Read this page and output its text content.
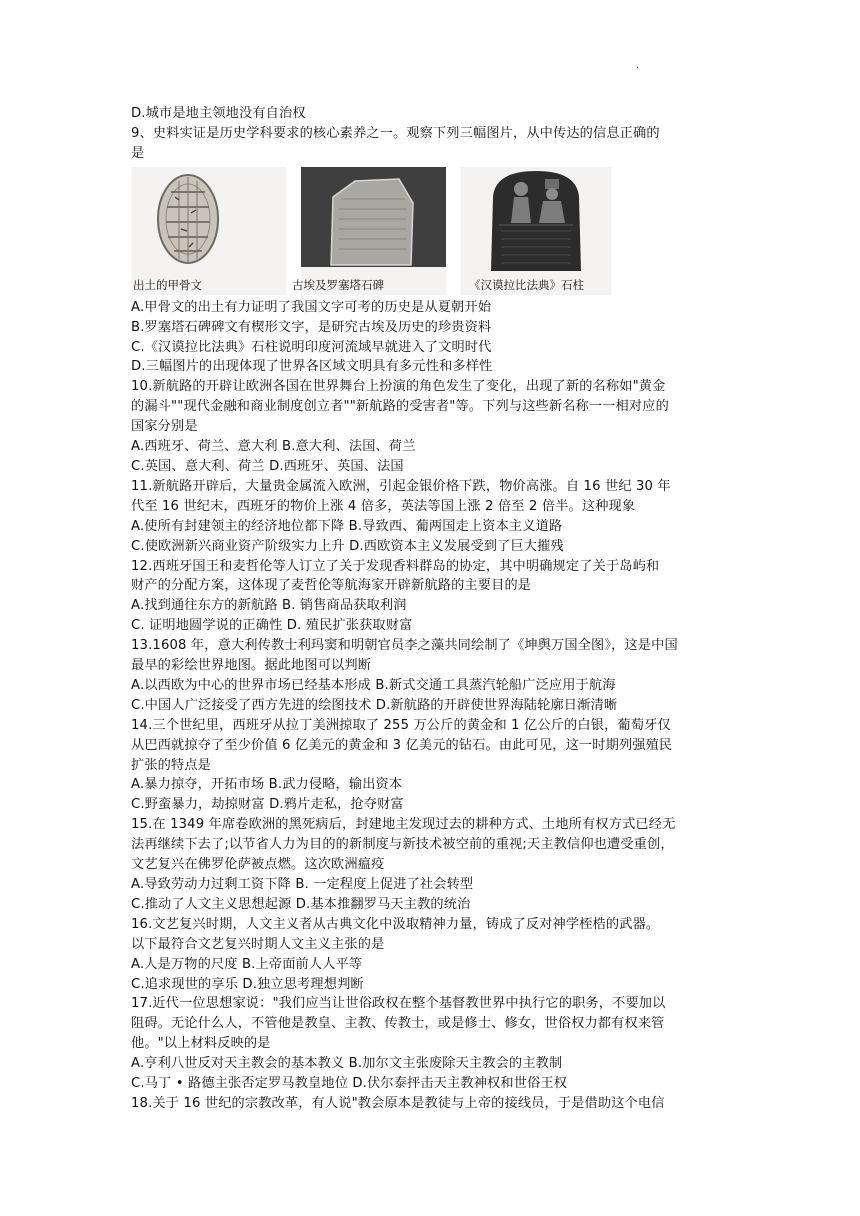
.
D.城市是地主领地没有自治权
9、史料实证是历史学科要求的核心素养之一。观察下列三幅图片，从中传达的信息正确的
是
出土的甲骨文	古埃及罗塞塔石碑	《汉谟拉比法典》石柱
A.甲骨文的出土有力证明了我国文字可考的历史是从夏朝开始
B.罗塞塔石碑碑文有楔形文字，是研究古埃及历史的珍贵资料
C.《汉谟拉比法典》石柱说明印度河流域早就进入了文明时代
D.三幅图片的出现体现了世界各区域文明具有多元性和多样性
10.新航路的开辟让欧洲各国在世界舞台上扮演的角色发生了变化，出现了新的名称如"黄金
的漏斗""现代金融和商业制度创立者""新航路的受害者"等。下列与这些新名称一一相对应的
国家分别是
A.西班牙、荷兰、意大利 B.意大利、法国、荷兰
C.英国、意大利、荷兰 D.西班牙、英国、法国
11.新航路开辟后，大量贵金属流入欧洲，引起金银价格下跌，物价高涨。自 16 世纪 30 年
代至 16 世纪末，西班牙的物价上涨 4 倍多，英法等国上涨 2 倍至 2 倍半。这种现象
A.使所有封建领主的经济地位都下降 B.导致西、葡两国走上资本主义道路
C.使欧洲新兴商业资产阶级实力上升 D.西欧资本主义发展受到了巨大摧残
12.西班牙国王和麦哲伦等人订立了关于发现香料群岛的协定，其中明确规定了关于岛屿和
财产的分配方案，这体现了麦哲伦等航海家开辟新航路的主要目的是
A.找到通往东方的新航路 B. 销售商品获取利润
C. 证明地圆学说的正确性 D. 殖民扩张获取财富
13.1608 年，意大利传教士利玛窦和明朝官员李之藻共同绘制了《坤舆万国全图》，这是中国
最早的彩绘世界地图。据此地图可以判断
A.以西欧为中心的世界市场已经基本形成 B.新式交通工具蒸汽轮船广泛应用于航海
C.中国人广泛接受了西方先进的绘图技术 D.新航路的开辟使世界海陆轮廓日渐清晰
14.三个世纪里，西班牙从拉丁美洲掠取了 255 万公斤的黄金和 1 亿公斤的白银，葡萄牙仅
从巴西就掠夺了至少价值 6 亿美元的黄金和 3 亿美元的钻石。由此可见，这一时期列强殖民
扩张的特点是
A.暴力掠夺，开拓市场 B.武力侵略，输出资本
C.野蛮暴力，劫掠财富 D.鸦片走私，抢夺财富
15.在 1349 年席卷欧洲的黑死病后，封建地主发现过去的耕种方式、土地所有权方式已经无
法再继续下去了;以节省人力为目的的新制度与新技术被空前的重视;天主教信仰也遭受重创，
文艺复兴在佛罗伦萨被点燃。这次欧洲瘟疫
A.导致劳动力过剩工资下降 B. 一定程度上促进了社会转型
C.推动了人文主义思想起源 D.基本推翻罗马天主教的统治
16.文艺复兴时期，人文主义者从古典文化中汲取精神力量，铸成了反对神学桎梏的武器。
以下最符合文艺复兴时期人文主义主张的是
A.人是万物的尺度 B.上帝面前人人平等
C.追求现世的享乐 D.独立思考理想判断
17.近代一位思想家说："我们应当让世俗政权在整个基督教世界中执行它的职务，不要加以
阻碍。无论什么人，不管他是教皇、主教、传教士，或是修士、修女，世俗权力都有权来管
他。"以上材料反映的是
A.亨利八世反对天主教会的基本教义 B.加尔文主张废除天主教会的主教制
C.马丁 • 路德主张否定罗马教皇地位 D.伏尔泰抨击天主教神权和世俗王权
18.关于 16 世纪的宗教改革，有人说"教会原本是教徒与上帝的接线员，于是借助这个电信
